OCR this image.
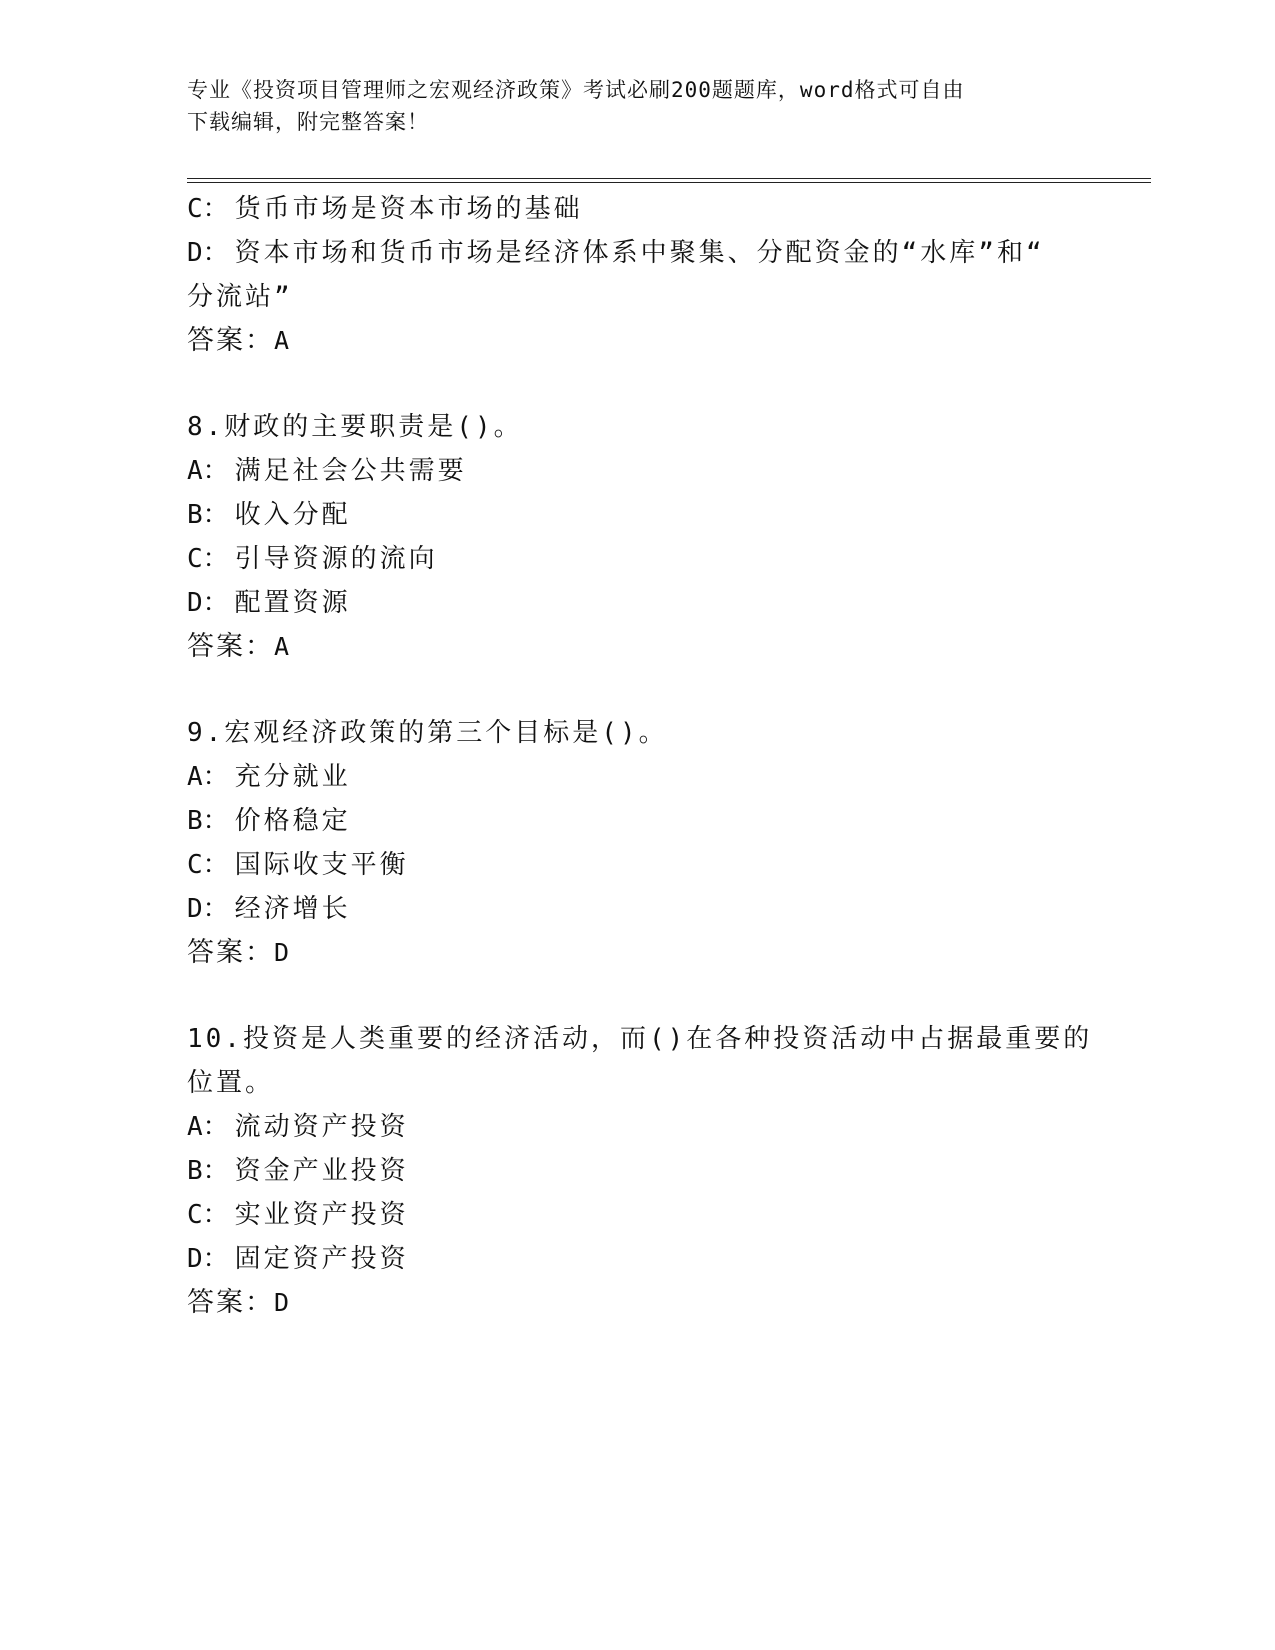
专业《投资项目管理师之宏观经济政策》考试必刷200题题库，word格式可自由
下载编辑，附完整答案！
C： 货币市场是资本市场的基础
D： 资本市场和货币市场是经济体系中聚集、分配资金的“水库”和“
分流站”
答案：A
8.财政的主要职责是()。
A： 满足社会公共需要
B： 收入分配
C： 引导资源的流向
D： 配置资源
答案：A
9.宏观经济政策的第三个目标是()。
A： 充分就业
B： 价格稳定
C： 国际收支平衡
D： 经济增长
答案：D
10.投资是人类重要的经济活动，而()在各种投资活动中占据最重要的
位置。
A： 流动资产投资
B： 资金产业投资
C： 实业资产投资
D： 固定资产投资
答案：D
